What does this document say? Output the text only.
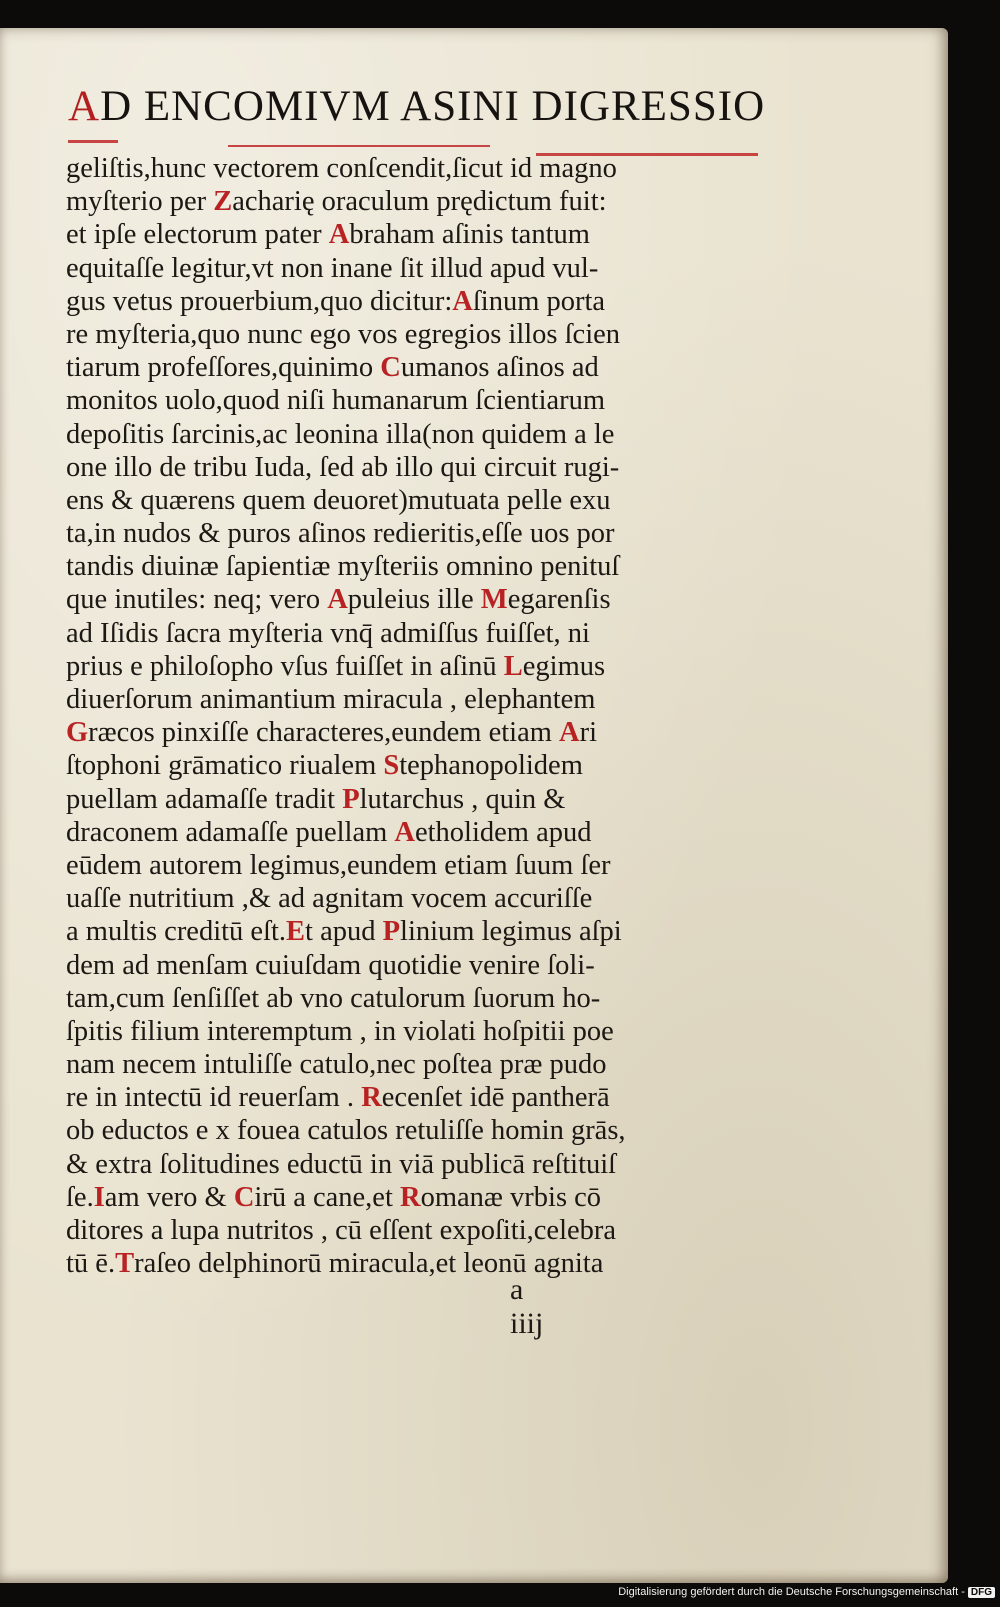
AD ENCOMIVM ASINI DIGRESSIO
geliſtis,hunc vectorem conſcendit,ſicut id magno
myſterio per Zacharię oraculum prędictum fuit:
et ipſe electorum pater Abraham aſinis tantum
equitaſſe legitur,vt non inane ſit illud apud vul-
gus vetus prouerbium,quo dicitur:Aſinum porta
re myſteria,quo nunc ego vos egregios illos ſcien
tiarum profeſſores,quinimo Cumanos aſinos ad
monitos uolo,quod niſi humanarum ſcientiarum
depoſitis ſarcinis,ac leonina illa(non quidem a le
one illo de tribu Iuda, ſed ab illo qui circuit rugi-
ens & quærens quem deuoret)mutuata pelle exu
ta,in nudos & puros aſinos redieritis,eſſe uos por
tandis diuinæ ſapientiæ myſteriis omnino penituſ
que inutiles: neq; vero Apuleius ille Megarenſis
ad Iſidis ſacra myſteria vnq̄ admiſſus fuiſſet, ni
prius e philoſopho vſus fuiſſet in aſinū Legimus
diuerſorum animantium miracula , elephantem
Græcos pinxiſſe characteres,eundem etiam Ari
ſtophoni grāmatico riualem Stephanopolidem
puellam adamaſſe tradit Plutarchus , quin &
draconem adamaſſe puellam Aetholidem apud
eūdem autorem legimus,eundem etiam ſuum ſer
uaſſe nutritium ,& ad agnitam vocem accuriſſe
a multis creditū eſt.Et apud Plinium legimus aſpi
dem ad menſam cuiuſdam quotidie venire ſoli-
tam,cum ſenſiſſet ab vno catulorum ſuorum ho-
ſpitis filium interemptum , in violati hoſpitii poe
nam necem intuliſſe catulo,nec poſtea præ pudo
re in intectū id reuerſam . Recenſet idē pantherā
ob eductos e x fouea catulos retuliſſe homin grās,
& extra ſolitudines eductū in viā publicā reſtituiſ
ſe.Iam vero & Cirū a cane,et Romanæ vrbis cō
ditores a lupa nutritos , cū eſſent expoſiti,celebra
tū ē.Traſeo delphinorū miracula,et leonū agnita
aiiij
Digitalisierung gefördert durch die Deutsche Forschungsgemeinschaft - DFG
